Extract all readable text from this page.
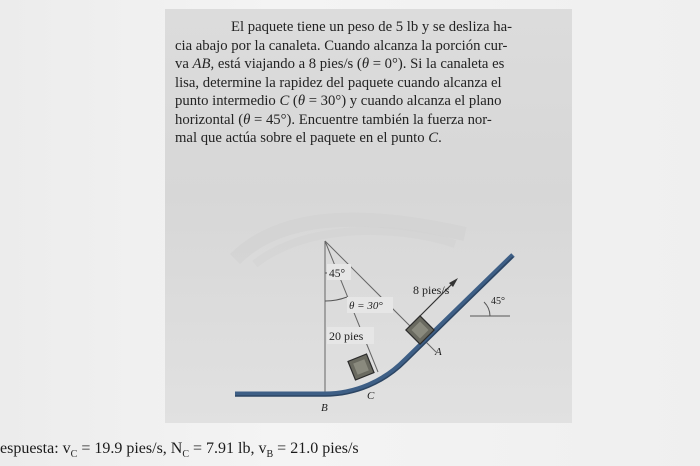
El paquete tiene un peso de 5 lb y se desliza ha-
cia abajo por la canaleta. Cuando alcanza la porción cur-
va AB, está viajando a 8 pies/s (θ = 0°). Si la canaleta es
lisa, determine la rapidez del paquete cuando alcanza el
punto intermedio C (θ = 30°) y cuando alcanza el plano
horizontal (θ = 45°). Encuentre también la fuerza nor-
mal que actúa sobre el paquete en el punto C.

45°
θ = 30°
20 pies
8 pies/s
45°
A
B
C
espuesta: $v_C = 19.9$ pies/s, $N_C = 7.91$ lb, $v_B = 21.0$ pies/s
